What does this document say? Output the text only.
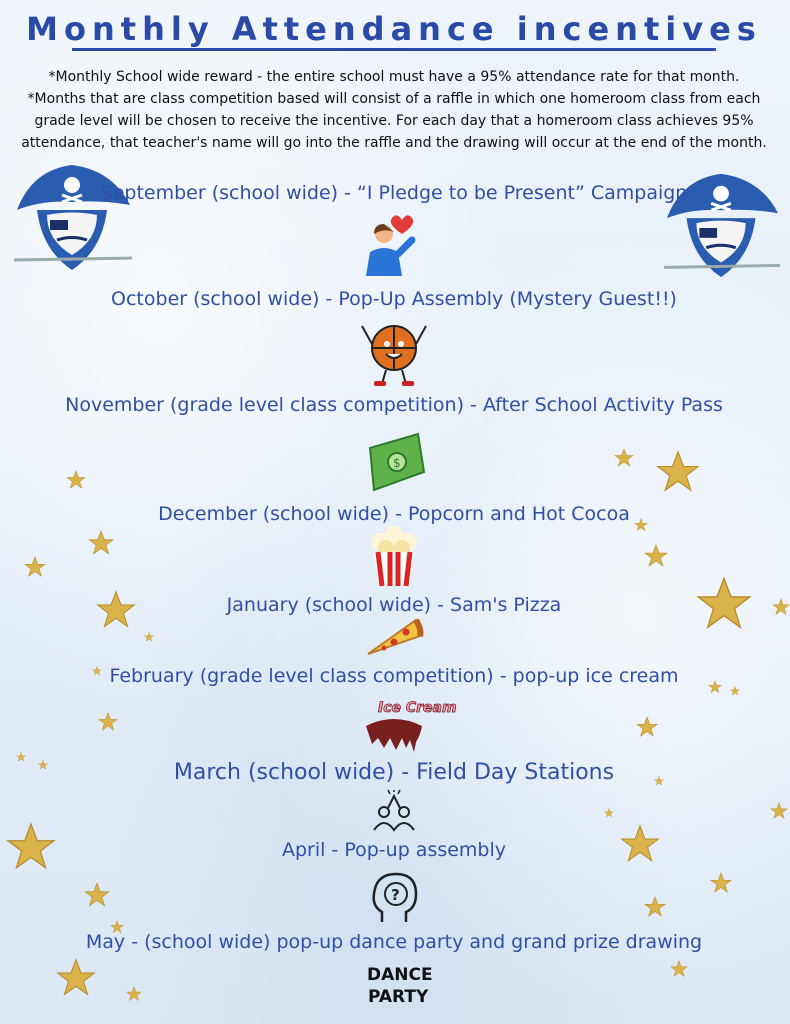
Monthly Attendance incentives
*Monthly School wide reward - the entire school must have a 95% attendance rate for that month.
*Months that are class competition based will consist of a raffle in which one homeroom class from each grade level will be chosen to receive the incentive. For each day that a homeroom class achieves 95% attendance, that teacher's name will go into the raffle and the drawing will occur at the end of the month.
September (school wide) - “I Pledge to be Present” Campaign
October (school wide) - Pop-Up Assembly (Mystery Guest!!)
November (grade level class competition) - After School Activity Pass
December (school wide) - Popcorn and Hot Cocoa
January (school wide) - Sam's Pizza
February (grade level class competition) - pop-up ice cream
March (school wide) - Field Day Stations
April - Pop-up assembly
May - (school wide) pop-up dance party and grand prize drawing
$
Ice Cream
?
DANCE
PARTY
